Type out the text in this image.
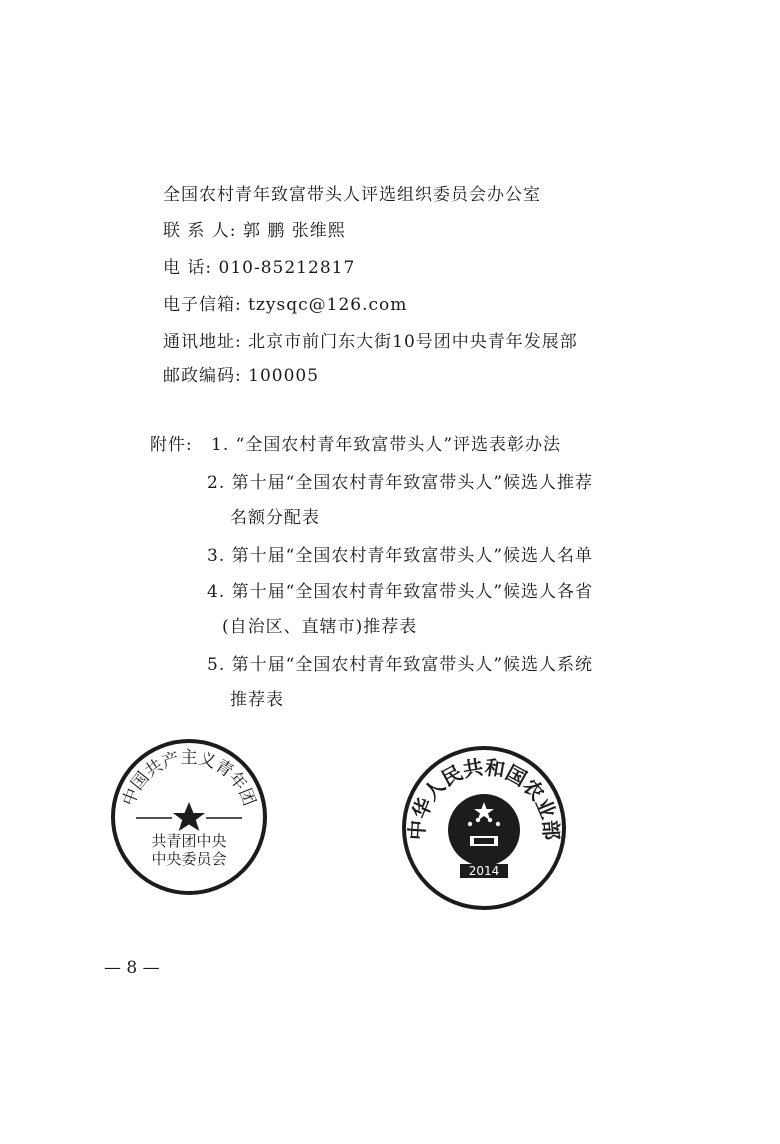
全国农村青年致富带头人评选组织委员会办公室
联 系 人: 郭 鹏 张维熙
电 话: 010-85212817
电子信箱: tzysqc@126.com
通讯地址: 北京市前门东大街10号团中央青年发展部
邮政编码: 100005
附件: 1. “全国农村青年致富带头人”评选表彰办法
2. 第十届“全国农村青年致富带头人”候选人推荐
名额分配表
3. 第十届“全国农村青年致富带头人”候选人名单
4. 第十届“全国农村青年致富带头人”候选人各省
(自治区、直辖市)推荐表
5. 第十届“全国农村青年致富带头人”候选人系统
推荐表
中国共产主义青年团
共青团中央
中央委员会
中华人民共和国农业部
2014
— 8 —
